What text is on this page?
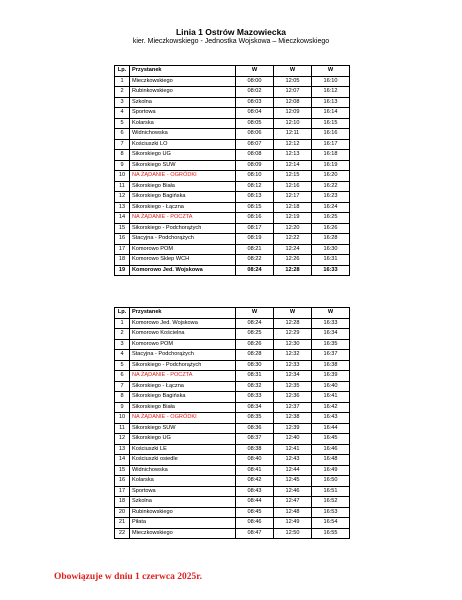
Linia 1 Ostrów Mazowiecka
kier. Mieczkowskiego - Jednostka Wojskowa – Mieczkowskiego
Lp.	Przystanek	W	W	W
1	Mieczkowskiego	08:00	12:05	16:10
2	Rubinkowskiego	08:02	12:07	16:12
3	Szkolna	08:03	12:08	16:13
4	Sportowa	08:04	12:09	16:14
5	Kolarska	08:05	12:10	16:15
6	Widnichowska	08:06	12:11	16:16
7	Kościuszki LO	08:07	12:12	16:17
8	Sikorskiego UG	08:08	12:13	16:18
9	Sikorskiego SUW	08:09	12:14	16:19
10	NA ŻĄDANIE - OGRÓDKI	08:10	12:15	16:20
11	Sikorskiego Biała	08:12	12:16	16:22
12	Sikorskiego Bagińska	08:13	12:17	16:23
13	Sikorskiego - Łączna	08:15	12:18	16:24
14	NA ŻĄDANIE - POCZTA	08:16	12:19	16:25
15	Sikorskiego - Podchorążych	08:17	12:20	16:26
16	Stacyjna - Podchorążych	08:19	12:22	16:28
17	Komorowo POM	08:21	12:24	16:30
18	Komorowo Sklep WCH	08:22	12:26	16:31
19	Komorowo Jed. Wojskowa	08:24	12:28	16:33
Lp.	Przystanek	W	W	W
1	Komorowo Jed. Wojskowa	08:24	12:28	16:33
2	Komorowo Kościelna	08:25	12:29	16:34
3	Komorowo POM	08:26	12:30	16:35
4	Stacyjna - Podchorążych	08:28	12:32	16:37
5	Sikorskiego - Podchorążych	08:30	12:33	16:38
6	NA ŻĄDANIE - POCZTA	08:31	12:34	16:39
7	Sikorskiego - Łączna	08:32	12:35	16:40
8	Sikorskiego Bagińska	08:33	12:36	16:41
9	Sikorskiego Biała	08:34	12:37	16:42
10	NA ŻĄDANIE - OGRÓDKI	08:35	12:38	16:43
11	Sikorskiego SUW	08:36	12:39	16:44
12	Sikorskiego UG	08:37	12:40	16:45
13	Kościuszki LE	08:38	12:41	16:46
14	Kościuszki osiedle	08:40	12:43	16:48
15	Widnichowska	08:41	12:44	16:49
16	Kolarska	08:42	12:45	16:50
17	Sportowa	08:43	12:46	16:51
18	Szkolna	08:44	12:47	16:52
20	Rubinkowskiego	08:45	12:48	16:53
21	Piłata	08:46	12:49	16:54
22	Mieczkowskiego	08:47	12:50	16:55
Obowiązuje w dniu 1 czerwca 2025r.
